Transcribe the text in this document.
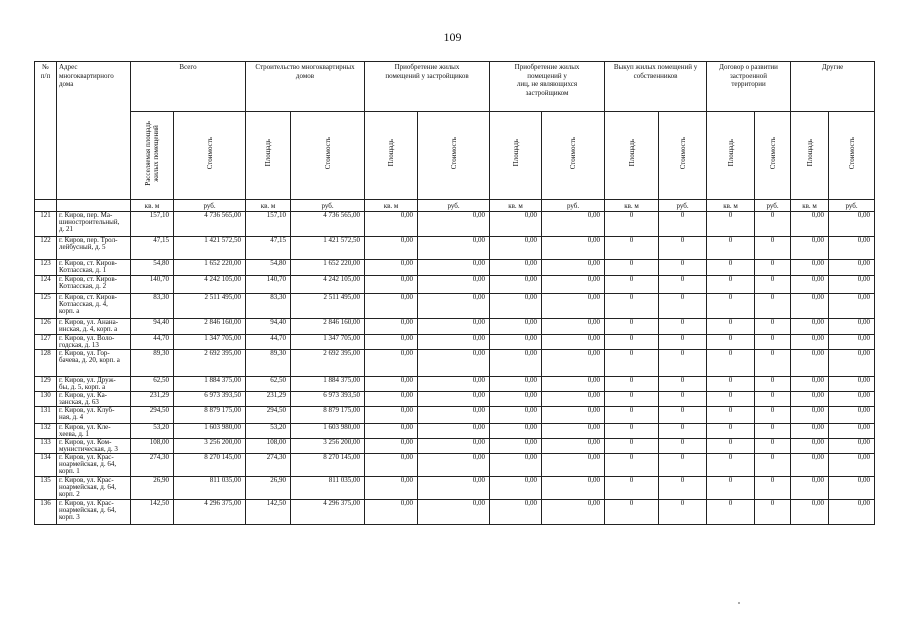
109
№
п/п	Адрес
многоквартирного
дома	Всего		Строительство многоквартирных
домов		Приобретение жилых
помещений у застройщиков		Приобретение жилых
помещений у
лиц, не являющихся
застройщиком		Выкуп жилых помещений у
собственников		Договор о развитии
застроенной
территории		Другие	
		Расселяемая площадь
жилых помещений	Стоимость	Площадь	Стоимость	Площадь	Стоимость	Площадь	Стоимость	Площадь	Стоимость	Площадь	Стоимость	Площадь	Стоимость
		кв. м	руб.	кв. м	руб.	кв. м	руб.	кв. м	руб.	кв. м	руб.	кв. м	руб.	кв. м	руб.
121	г. Киров, пер. Ма-
шиностроительный,
д. 21	157,10	4 736 565,00	157,10	4 736 565,00	0,00	0,00	0,00	0,00	0	0	0	0	0,00	0,00
122	г. Киров, пер. Трол-
лейбусный, д. 5	47,15	1 421 572,50	47,15	1 421 572,50	0,00	0,00	0,00	0,00	0	0	0	0	0,00	0,00
123	г. Киров, ст. Киров-
Котласская, д. 1	54,80	1 652 220,00	54,80	1 652 220,00	0,00	0,00	0,00	0,00	0	0	0	0	0,00	0,00
124	г. Киров, ст. Киров-
Котласская, д. 2	140,70	4 242 105,00	140,70	4 242 105,00	0,00	0,00	0,00	0,00	0	0	0	0	0,00	0,00
125	г. Киров, ст. Киров-
Котласская, д. 4,
корп. а	83,30	2 511 495,00	83,30	2 511 495,00	0,00	0,00	0,00	0,00	0	0	0	0	0,00	0,00
126	г. Киров, ул. Анана-
инская, д. 4, корп. а	94,40	2 846 160,00	94,40	2 846 160,00	0,00	0,00	0,00	0,00	0	0	0	0	0,00	0,00
127	г. Киров, ул. Воло-
годская, д. 13	44,70	1 347 705,00	44,70	1 347 705,00	0,00	0,00	0,00	0,00	0	0	0	0	0,00	0,00
128	г. Киров, ул. Гор-
бачева, д. 20, корп. а	89,30	2 692 395,00	89,30	2 692 395,00	0,00	0,00	0,00	0,00	0	0	0	0	0,00	0,00
129	г. Киров, ул. Друж-
бы, д. 5, корп. а	62,50	1 884 375,00	62,50	1 884 375,00	0,00	0,00	0,00	0,00	0	0	0	0	0,00	0,00
130	г. Киров, ул. Ка-
занская, д. 63	231,29	6 973 393,50	231,29	6 973 393,50	0,00	0,00	0,00	0,00	0	0	0	0	0,00	0,00
131	г. Киров, ул. Клуб-
ная, д. 4	294,50	8 879 175,00	294,50	8 879 175,00	0,00	0,00	0,00	0,00	0	0	0	0	0,00	0,00
132	г. Киров, ул. Кле-
хеева, д. 1	53,20	1 603 980,00	53,20	1 603 980,00	0,00	0,00	0,00	0,00	0	0	0	0	0,00	0,00
133	г. Киров, ул. Ком-
мунистическая, д. 3	108,00	3 256 200,00	108,00	3 256 200,00	0,00	0,00	0,00	0,00	0	0	0	0	0,00	0,00
134	г. Киров, ул. Крас-
ноармейская, д. 64,
корп. 1	274,30	8 270 145,00	274,30	8 270 145,00	0,00	0,00	0,00	0,00	0	0	0	0	0,00	0,00
135	г. Киров, ул. Крас-
ноармейская, д. 64,
корп. 2	26,90	811 035,00	26,90	811 035,00	0,00	0,00	0,00	0,00	0	0	0	0	0,00	0,00
136	г. Киров, ул. Крас-
ноармейская, д. 64,
корп. 3	142,50	4 296 375,00	142,50	4 296 375,00	0,00	0,00	0,00	0,00	0	0	0	0	0,00	0,00
